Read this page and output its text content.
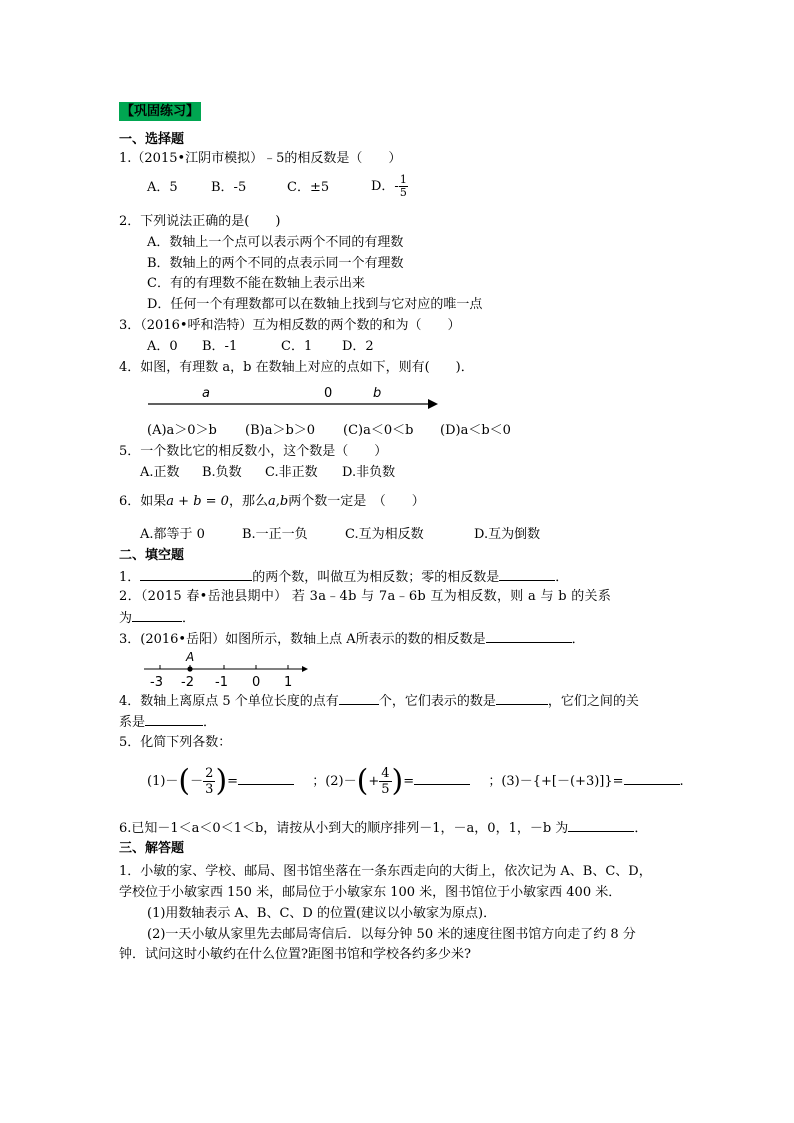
【巩固练习】
一、选择题
1.（2015•江阴市模拟）﹣5的相反数是（　　）
A．5	B．-5	C．±5	D．- $\frac{1}{5}$
2．下列说法正确的是(　　)
A．数轴上一个点可以表示两个不同的有理数
B．数轴上的两个不同的点表示同一个有理数
C．有的有理数不能在数轴上表示出来
D．任何一个有理数都可以在数轴上找到与它对应的唯一点
3．（2016•呼和浩特）互为相反数的两个数的和为（　　）
A．0 B．-1	C．1 D．2
4．如图，有理数 a，b 在数轴上对应的点如下，则有(　　)．
a	0	b
(A)a＞0＞b (B)a＞b＞0 (C)a＜0＜b (D)a＜b＜0
5．一个数比它的相反数小，这个数是（　　）
A.正数 B.负数 C.非正数 D.非负数
6．如果a + b = 0，那么a,b两个数一定是　（　　）
A.都等于 0	B.一正一负	C.互为相反数	D.互为倒数
二、填空题
1．	的两个数，叫做互为相反数；零的相反数是	．
2．（2015 春•岳池县期中） 若 3a﹣4b 与 7a﹣6b 互为相反数，则 a 与 b 的关系
为	．
3．(2016•岳阳）如图所示，数轴上点 A所表示的数的相反数是	．
A
-3 -2 -1 0 1
4．数轴上离原点 5 个单位长度的点有	个，它们表示的数是	，它们之间的关
系是	．
5．化简下列各数：
$(1)-(- \frac{2}{3}$ )=	；$(2)-(+ \frac{4}{5}$ )=	；(3)－{+[－(+3)]}=	.
6.已知－1＜a＜0＜1＜b，请按从小到大的顺序排列－1，－a，0，1，－b 为	．
三、解答题
1．小敏的家、学校、邮局、图书馆坐落在一条东西走向的大街上，依次记为 A、B、C、D，
学校位于小敏家西 150 米，邮局位于小敏家东 100 米，图书馆位于小敏家西 400 米．
(1)用数轴表示 A、B、C、D 的位置(建议以小敏家为原点)．
(2)一天小敏从家里先去邮局寄信后．以每分钟 50 米的速度往图书馆方向走了约 8 分
钟．试问这时小敏约在什么位置?距图书馆和学校各约多少米?
